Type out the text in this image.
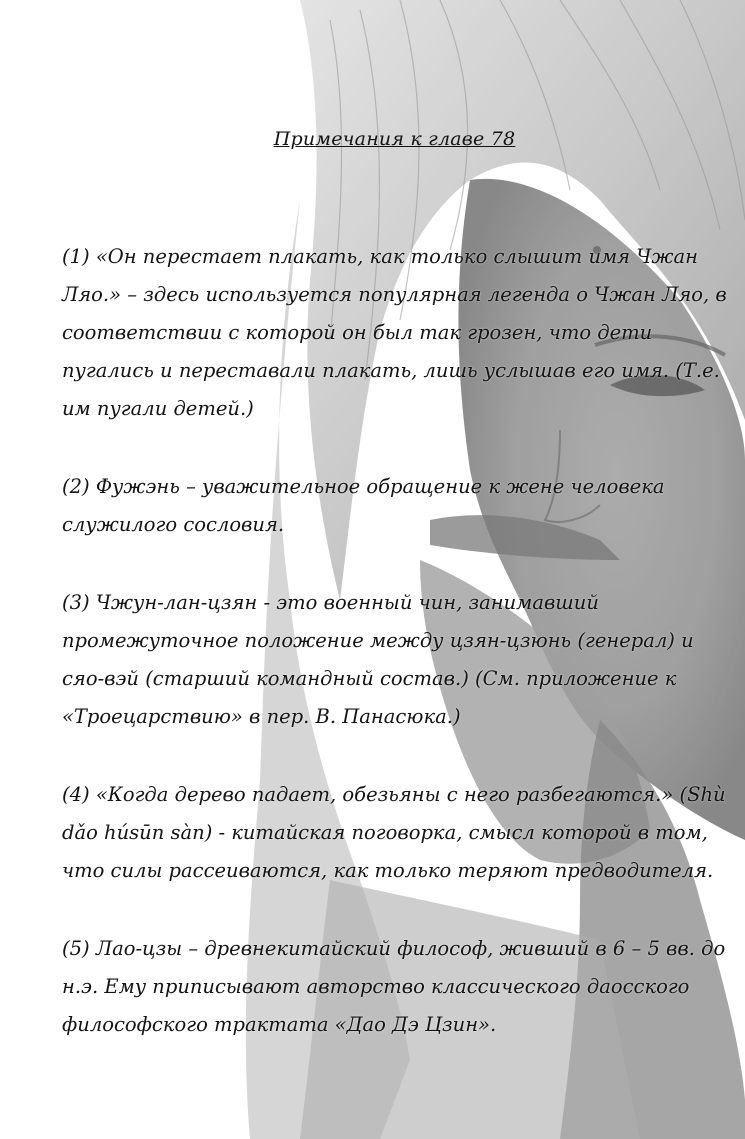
Примечания к главе 78

(1) «Он перестает плакать, как только слышит имя Чжан Ляо.» – здесь используется популярная легенда о Чжан Ляо, в соответствии с которой он был так грозен, что дети пугались и переставали плакать, лишь услышав его имя. (Т.е. им пугали детей.)

(2) Фужэнь – уважительное обращение к жене человека служилого сословия.

(3) Чжун-лан-цзян - это военный чин, занимавший промежуточное положение между цзян-цзюнь (генерал) и сяо-вэй (старший командный состав.) (См. приложение к «Троецарствию» в пер. В. Панасюка.)

(4) «Когда дерево падает, обезьяны с него разбегаются.» (Shù dǎo húsūn sàn) - китайская поговорка, смысл которой в том, что силы рассеиваются, как только теряют предводителя.

(5) Лао-цзы – древнекитайский философ, живший в 6 – 5 вв. до н.э. Ему приписывают авторство классического даосского философского трактата «Дао Дэ Цзин».
